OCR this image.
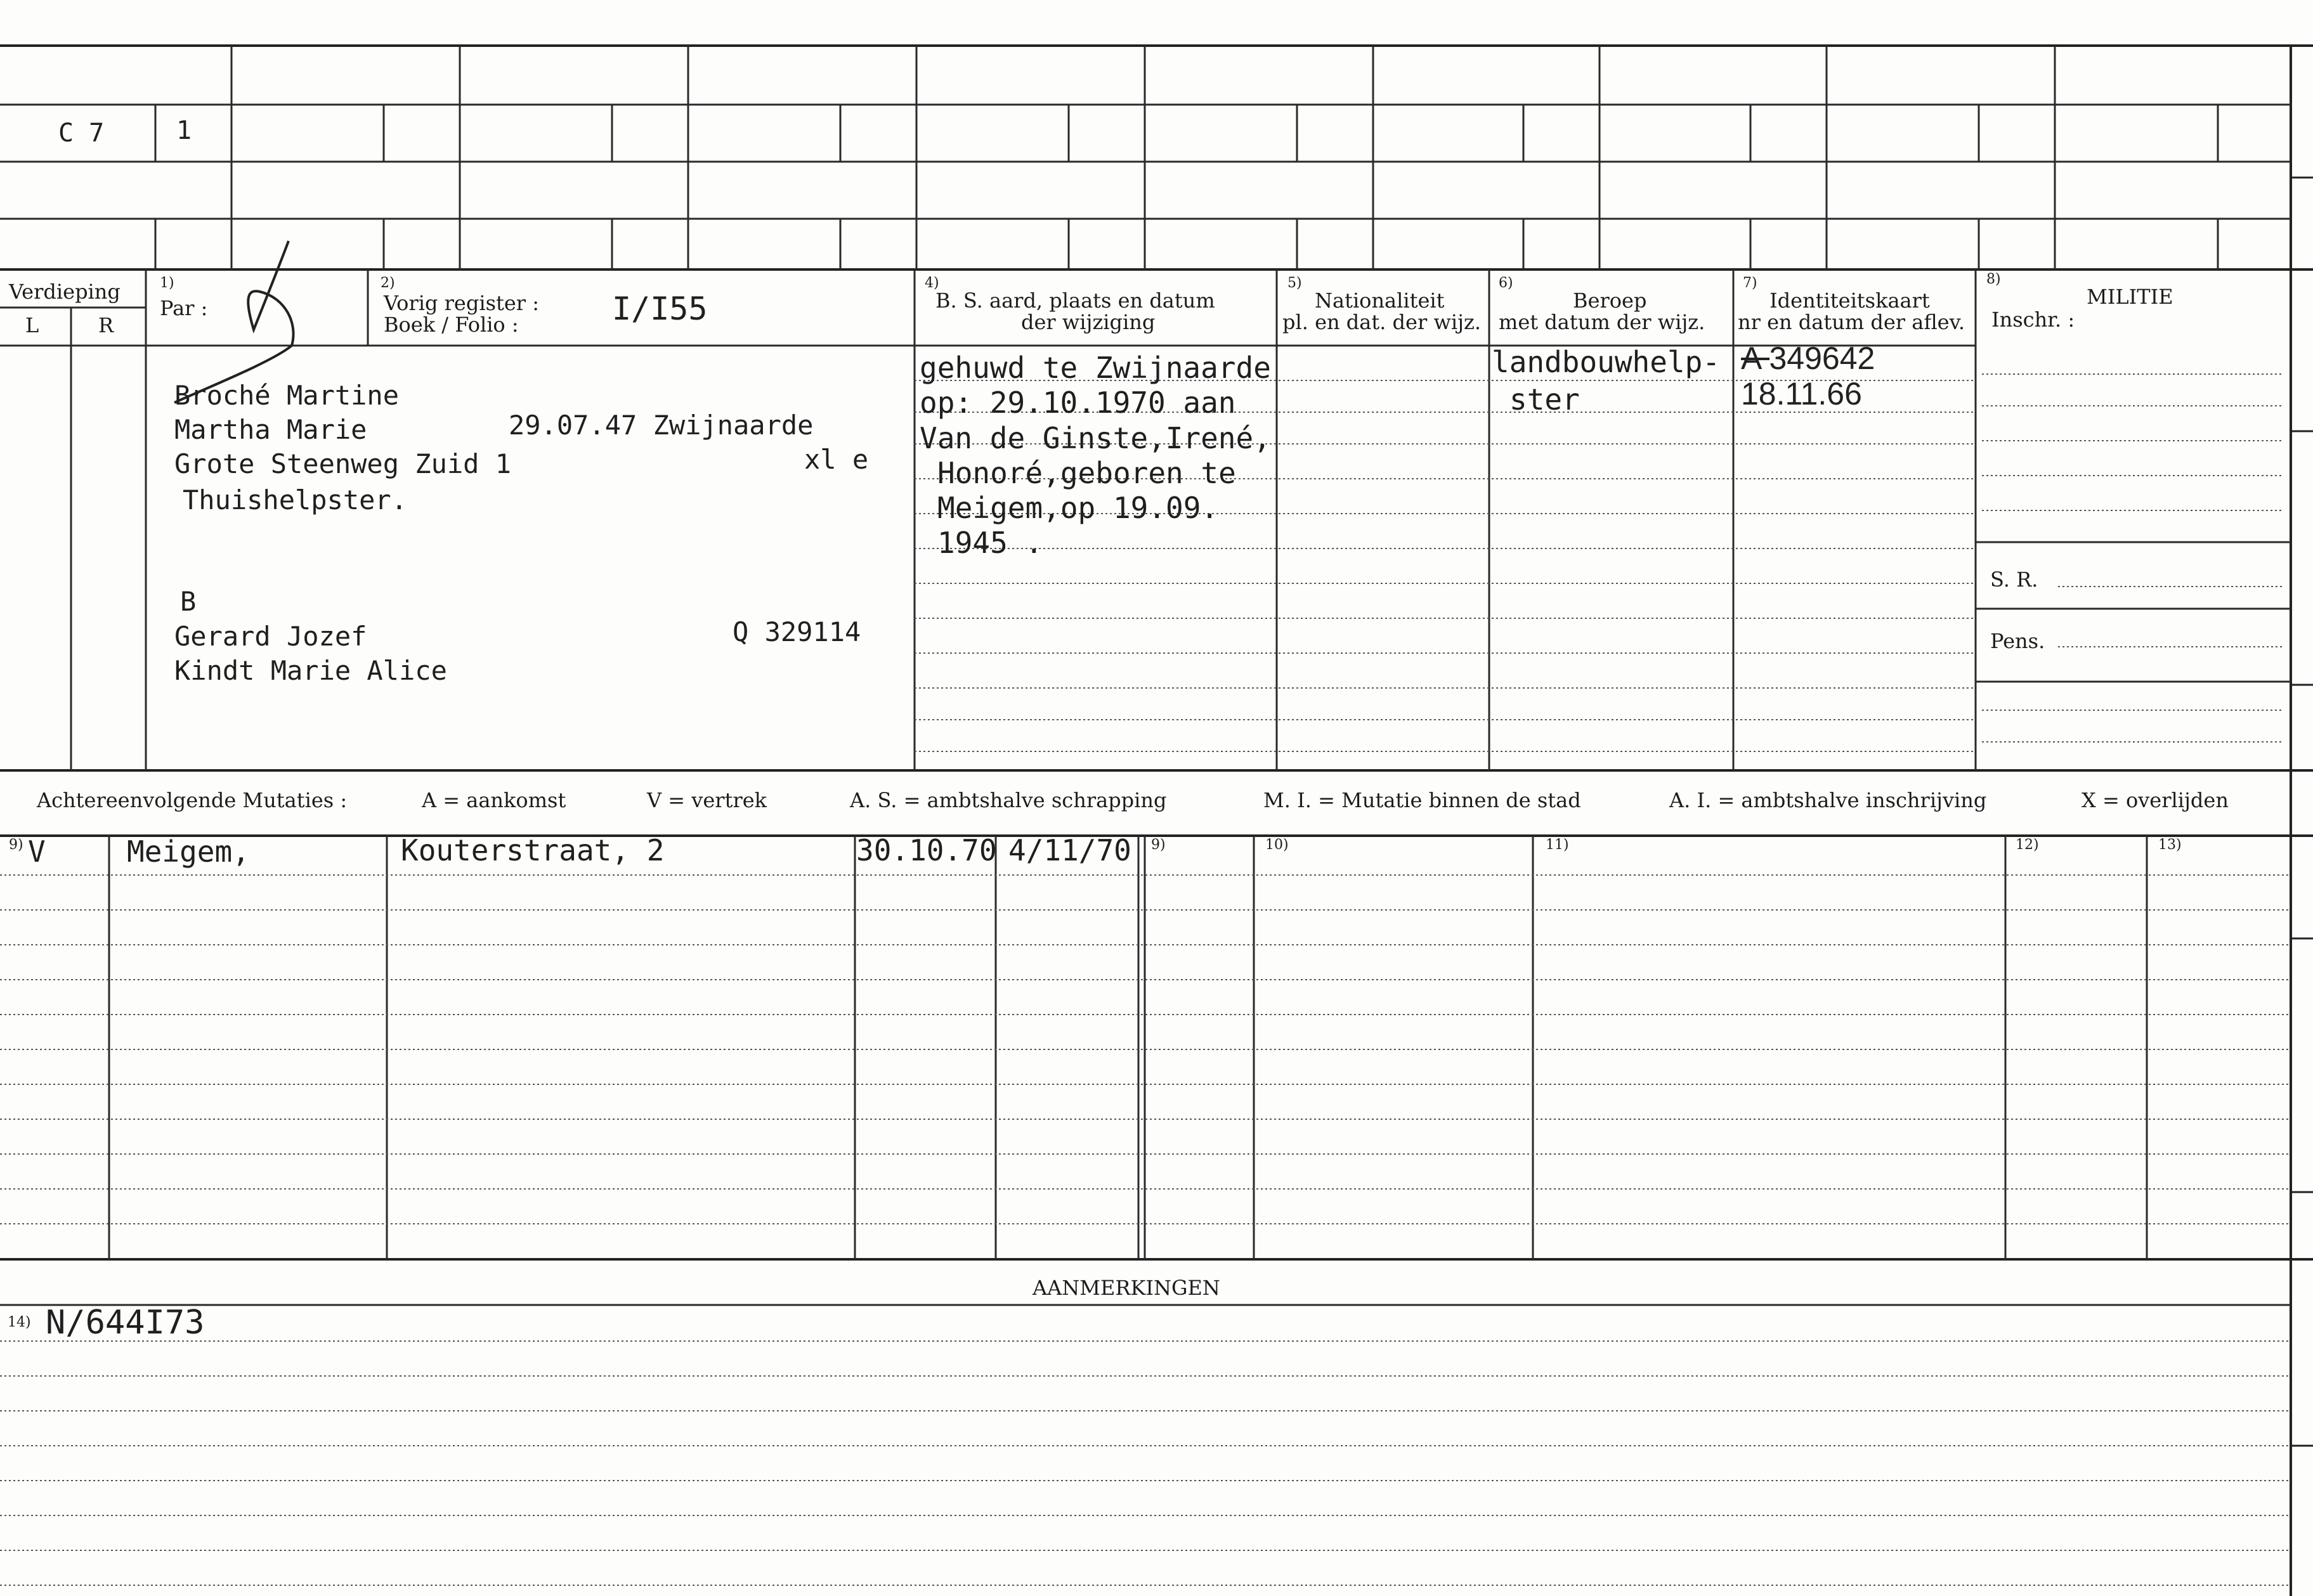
C 7	1
Verdieping
L	R
1)
Par :
2)
Vorig register :
Boek / Folio :	I/I55
4)
B. S. aard, plaats en datum
der wijziging
5)
Nationaliteit
pl. en dat. der wijz.
6)
Beroep
met datum der wijz.
7)
Identiteitskaart
nr en datum der aflev.
8)
MILITIE
Inschr. :
S. R.
Pens.
Broché Martine
Martha Marie	29.07.47 Zwijnaarde
Grote Steenweg Zuid 1	xl e
Thuishelpster.
B
Gerard Jozef	Q 329114
Kindt Marie Alice
gehuwd te Zwijnaarde
op: 29.10.1970 aan
Van de Ginste,Irené,
Honoré,geboren te
Meigem,op 19.09.
1945 .
landbouwhelp-
ster
A 349642
18.11.66
Achtereenvolgende Mutaties :	A = aankomst	V = vertrek	A. S. = ambtshalve schrapping	M. I. = Mutatie binnen de stad	A. I. = ambtshalve inschrijving	X = overlijden
9)	9)	10)	11)	12)	13)
V	Meigem,	Kouterstraat, 2	30.10.70 4/11/70
AANMERKINGEN
14) N/644I73
